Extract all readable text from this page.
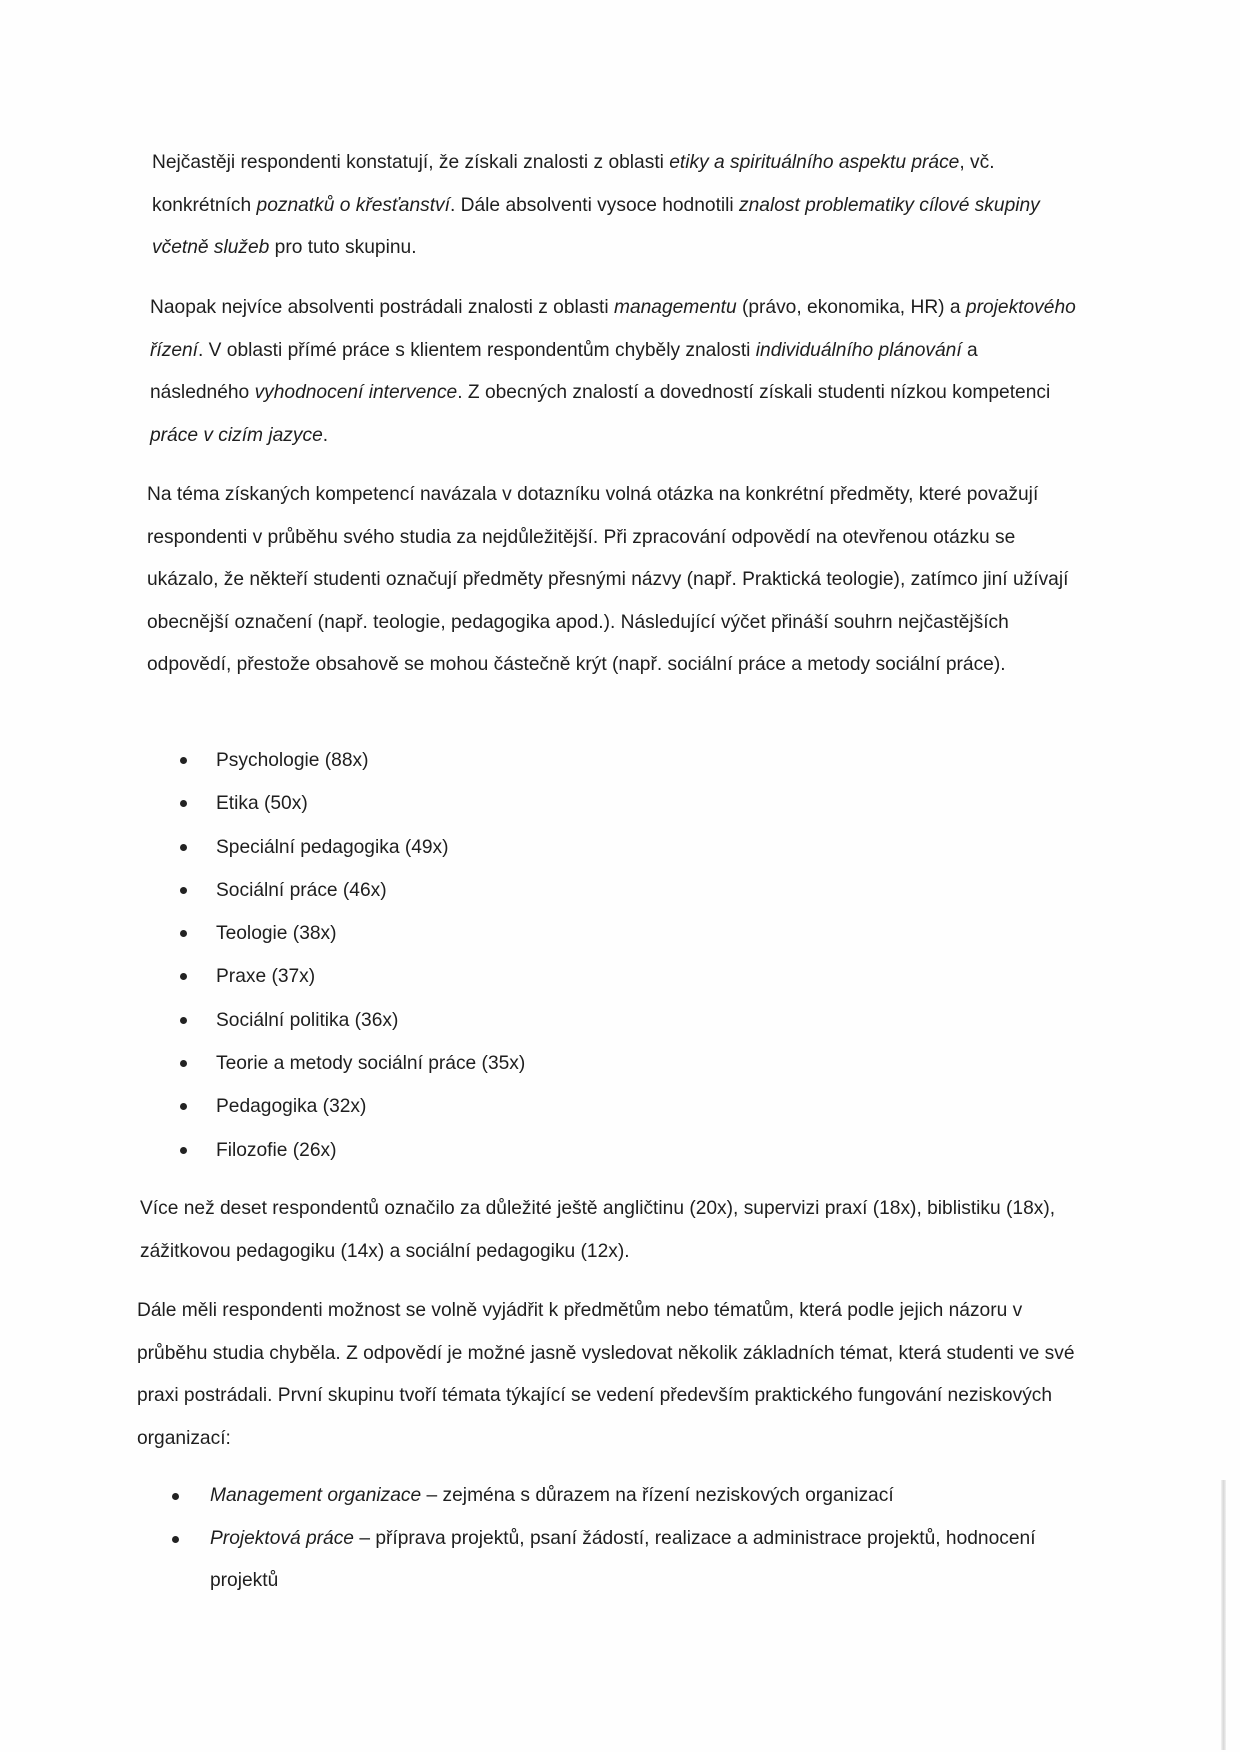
Nejčastěji respondenti konstatují, že získali znalosti z oblasti etiky a spirituálního aspektu práce, vč. konkrétních poznatků o křesťanství. Dále absolventi vysoce hodnotili znalost problematiky cílové skupiny včetně služeb pro tuto skupinu.

Naopak nejvíce absolventi postrádali znalosti z oblasti managementu (právo, ekonomika, HR) a projektového řízení. V oblasti přímé práce s klientem respondentům chyběly znalosti individuálního plánování a následného vyhodnocení intervence. Z obecných znalostí a dovedností získali studenti nízkou kompetenci práce v cizím jazyce.

Na téma získaných kompetencí navázala v dotazníku volná otázka na konkrétní předměty, které považují respondenti v průběhu svého studia za nejdůležitější. Při zpracování odpovědí na otevřenou otázku se ukázalo, že někteří studenti označují předměty přesnými názvy (např. Praktická teologie), zatímco jiní užívají obecnější označení (např. teologie, pedagogika apod.). Následující výčet přináší souhrn nejčastějších odpovědí, přestože obsahově se mohou částečně krýt (např. sociální práce a metody sociální práce).

Psychologie (88x)
Etika (50x)
Speciální pedagogika (49x)
Sociální práce (46x)
Teologie (38x)
Praxe (37x)
Sociální politika (36x)
Teorie a metody sociální práce (35x)
Pedagogika (32x)
Filozofie (26x)

Více než deset respondentů označilo za důležité ještě angličtinu (20x), supervizi praxí (18x), biblistiku (18x), zážitkovou pedagogiku (14x) a sociální pedagogiku (12x).

Dále měli respondenti možnost se volně vyjádřit k předmětům nebo tématům, která podle jejich názoru v průběhu studia chyběla. Z odpovědí je možné jasně vysledovat několik základních témat, která studenti ve své praxi postrádali. První skupinu tvoří témata týkající se vedení především praktického fungování neziskových organizací:

Management organizace – zejména s důrazem na řízení neziskových organizací
Projektová práce – příprava projektů, psaní žádostí, realizace a administrace projektů, hodnocení projektů
